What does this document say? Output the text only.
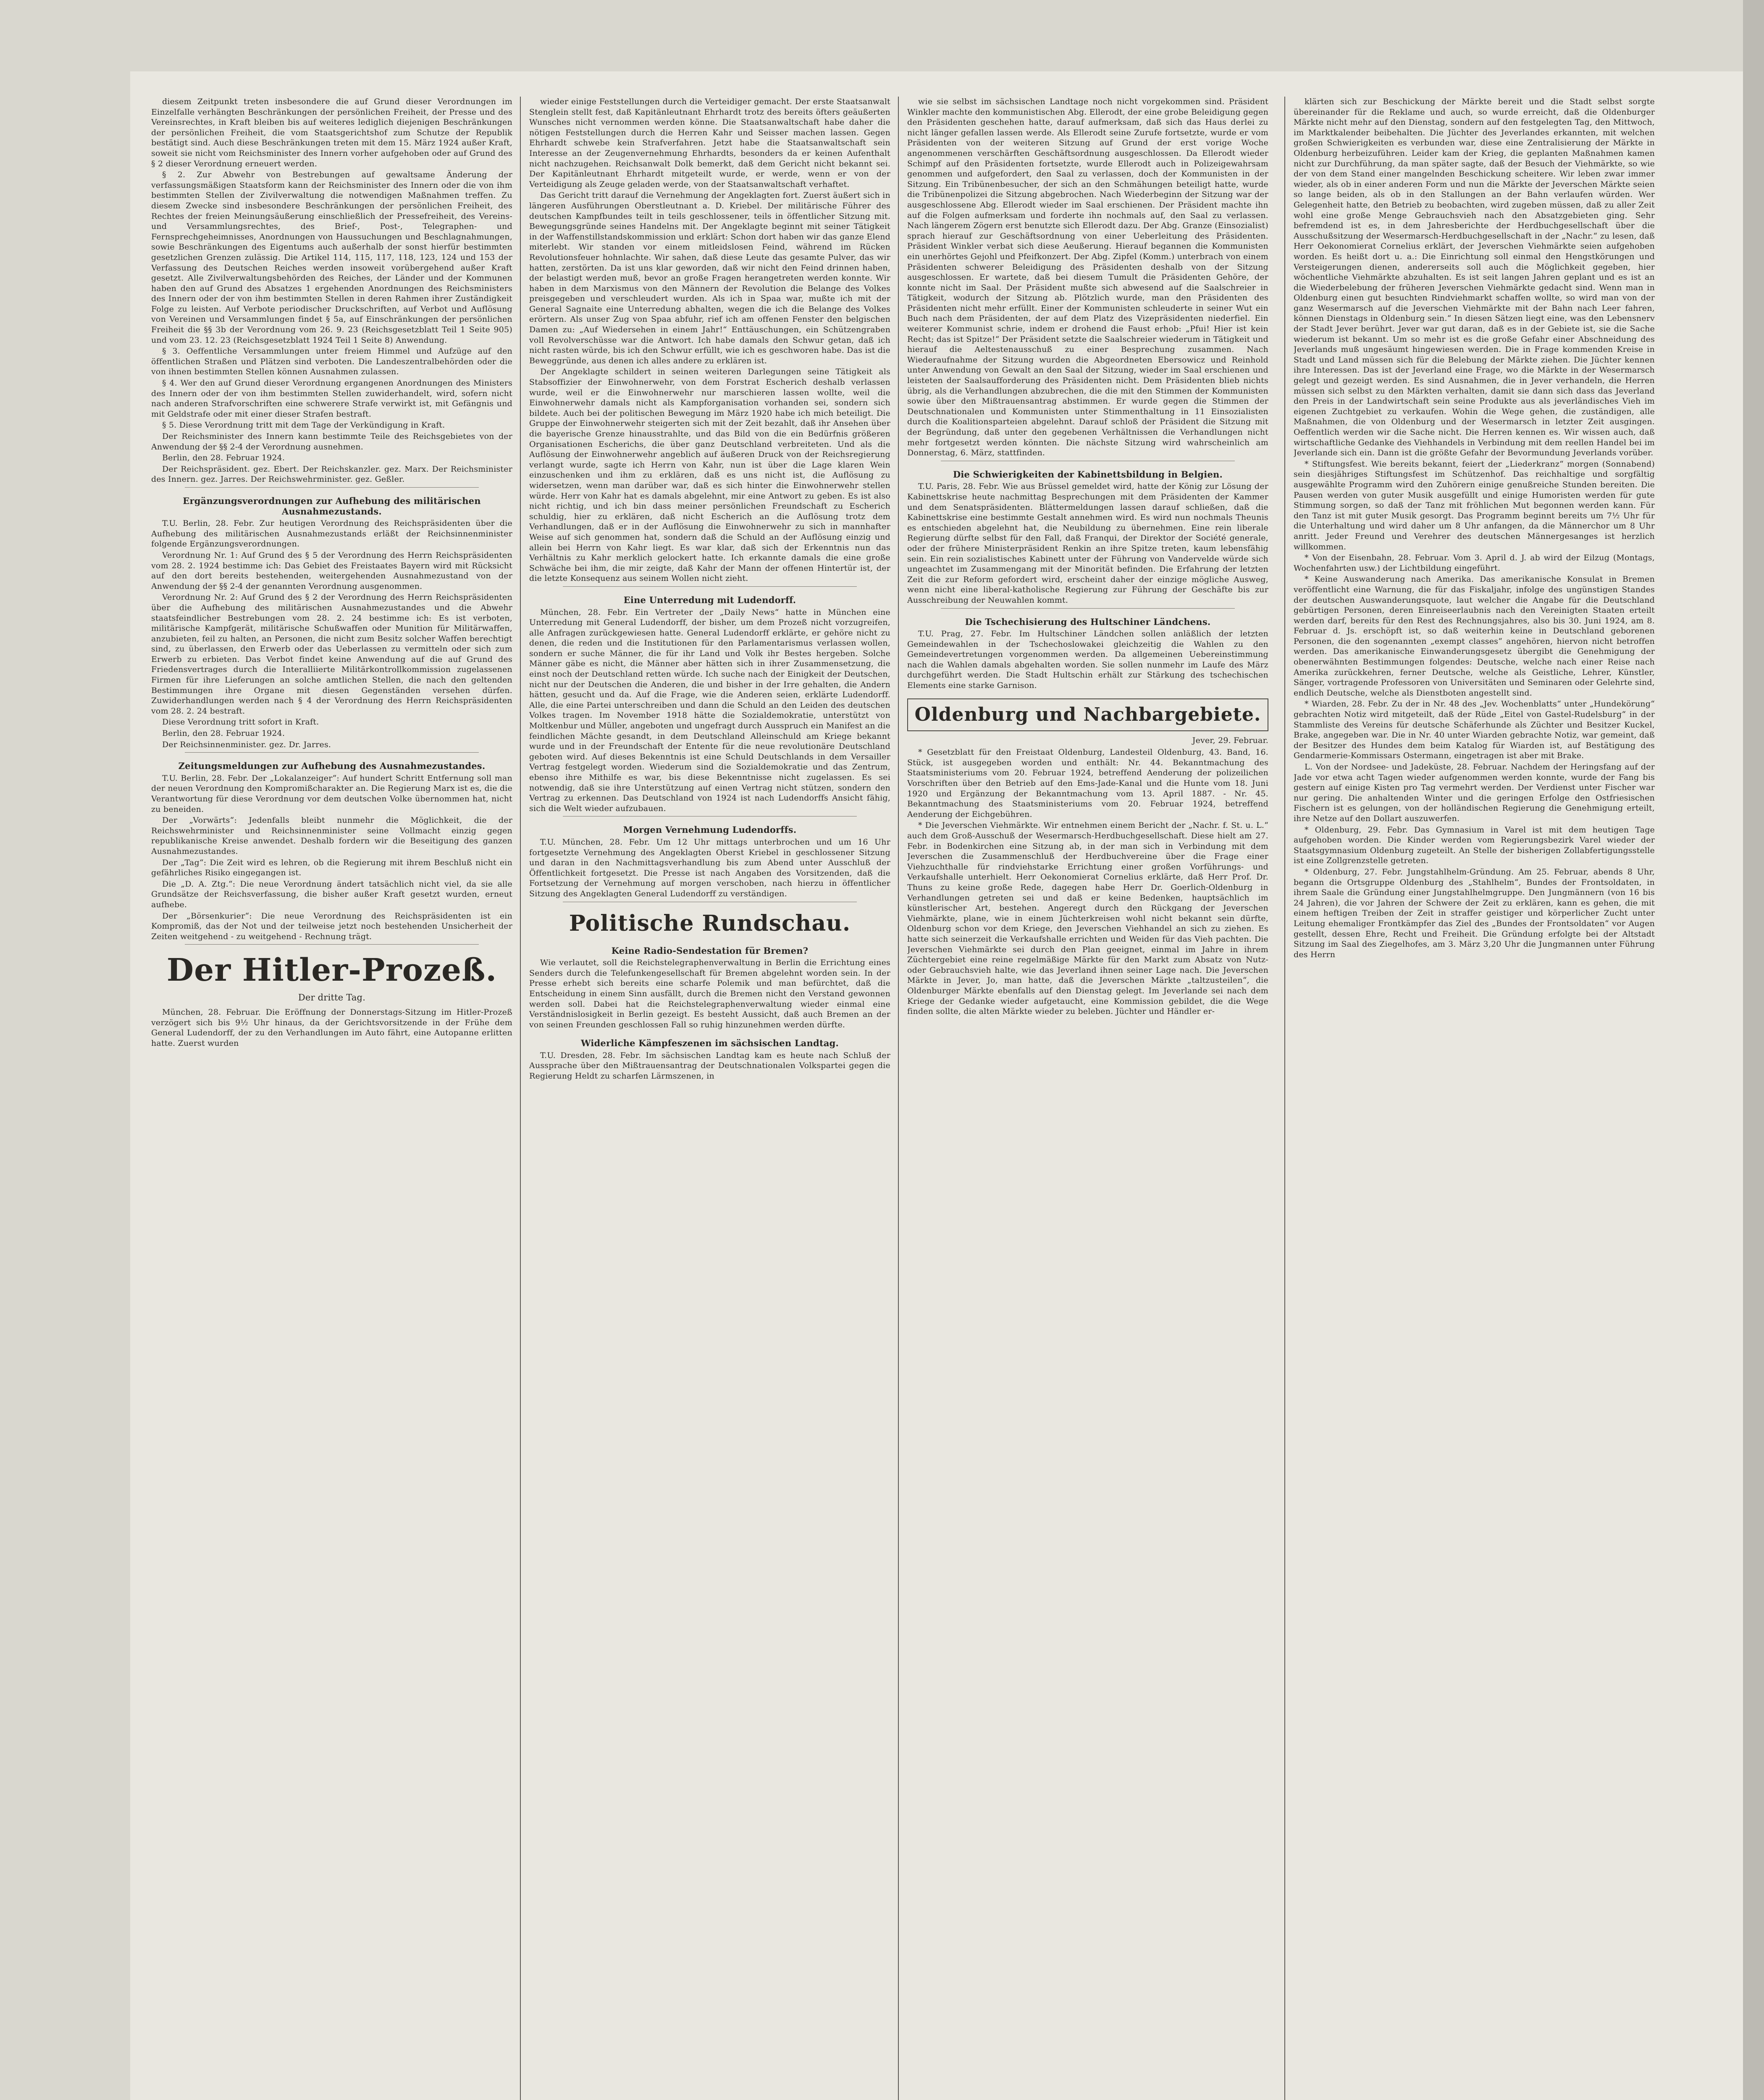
diesem Zeitpunkt treten insbesondere die auf Grund dieser Verordnungen im Einzelfalle verhängten Beschränkungen der persönlichen Freiheit, der Presse und des Vereinsrechtes, in Kraft bleiben bis auf weiteres lediglich diejenigen Beschränkungen der persönlichen Freiheit, die vom Staatsgerichtshof zum Schutze der Republik bestätigt sind. Auch diese Beschränkungen treten mit dem 15. März 1924 außer Kraft, soweit sie nicht vom Reichsminister des Innern vorher aufgehoben oder auf Grund des § 2 dieser Verordnung erneuert werden.

§ 2. Zur Abwehr von Bestrebungen auf gewaltsame Änderung der verfassungsmäßigen Staatsform kann der Reichsminister des Innern oder die von ihm bestimmten Stellen der Zivilverwaltung die notwendigen Maßnahmen treffen. Zu diesem Zwecke sind insbesondere Beschränkungen der persönlichen Freiheit, des Rechtes der freien Meinungsäußerung einschließlich der Pressefreiheit, des Vereins- und Versammlungsrechtes, des Brief-, Post-, Telegraphen- und Fernsprechgeheimnisses, Anordnungen von Haussuchungen und Beschlagnahmungen, sowie Beschränkungen des Eigentums auch außerhalb der sonst hierfür bestimmten gesetzlichen Grenzen zulässig. Die Artikel 114, 115, 117, 118, 123, 124 und 153 der Verfassung des Deutschen Reiches werden insoweit vorübergehend außer Kraft gesetzt. Alle Zivilverwaltungsbehörden des Reiches, der Länder und der Kommunen haben den auf Grund des Absatzes 1 ergehenden Anordnungen des Reichsministers des Innern oder der von ihm bestimmten Stellen in deren Rahmen ihrer Zuständigkeit Folge zu leisten. Auf Verbote periodischer Druckschriften, auf Verbot und Auflösung von Vereinen und Versammlungen findet § 5a, auf Einschränkungen der persönlichen Freiheit die §§ 3b der Verordnung vom 26. 9. 23 (Reichsgesetzblatt Teil 1 Seite 905) und vom 23. 12. 23 (Reichsgesetzblatt 1924 Teil 1 Seite 8) Anwendung.

§ 3. Oeffentliche Versammlungen unter freiem Himmel und Aufzüge auf den öffentlichen Straßen und Plätzen sind verboten. Die Landeszentralbehörden oder die von ihnen bestimmten Stellen können Ausnahmen zulassen.

§ 4. Wer den auf Grund dieser Verordnung ergangenen Anordnungen des Ministers des Innern oder der von ihm bestimmten Stellen zuwiderhandelt, wird, sofern nicht nach anderen Strafvorschriften eine schwerere Strafe verwirkt ist, mit Gefängnis und mit Geldstrafe oder mit einer dieser Strafen bestraft.

§ 5. Diese Verordnung tritt mit dem Tage der Verkündigung in Kraft.

Der Reichsminister des Innern kann bestimmte Teile des Reichsgebietes von der Anwendung der §§ 2-4 der Verordnung ausnehmen.

Berlin, den 28. Februar 1924.

Der Reichspräsident. gez. Ebert. Der Reichskanzler. gez. Marx. Der Reichsminister des Innern. gez. Jarres. Der Reichswehrminister. gez. Geßler.

Ergänzungsverordnungen zur Aufhebung des militärischen Ausnahmezustands.

T.U. Berlin, 28. Febr. Zur heutigen Verordnung des Reichspräsidenten über die Aufhebung des militärischen Ausnahmezustands erläßt der Reichsinnenminister folgende Ergänzungsverordnungen.

Verordnung Nr. 1: Auf Grund des § 5 der Verordnung des Herrn Reichspräsidenten vom 28. 2. 1924 bestimme ich: Das Gebiet des Freistaates Bayern wird mit Rücksicht auf den dort bereits bestehenden, weitergehenden Ausnahmezustand von der Anwendung der §§ 2-4 der genannten Verordnung ausgenommen.

Verordnung Nr. 2: Auf Grund des § 2 der Verordnung des Herrn Reichspräsidenten über die Aufhebung des militärischen Ausnahmezustandes und die Abwehr staatsfeindlicher Bestrebungen vom 28. 2. 24 bestimme ich: Es ist verboten, militärische Kampfgerät, militärische Schußwaffen oder Munition für Militärwaffen, anzubieten, feil zu halten, an Personen, die nicht zum Besitz solcher Waffen berechtigt sind, zu überlassen, den Erwerb oder das Ueberlassen zu vermitteln oder sich zum Erwerb zu erbieten. Das Verbot findet keine Anwendung auf die auf Grund des Friedensvertrages durch die Interalliierte Militärkontrollkommission zugelassenen Firmen für ihre Lieferungen an solche amtlichen Stellen, die nach den geltenden Bestimmungen ihre Organe mit diesen Gegenständen versehen dürfen. Zuwiderhandlungen werden nach § 4 der Verordnung des Herrn Reichspräsidenten vom 28. 2. 24 bestraft.

Diese Verordnung tritt sofort in Kraft.

Berlin, den 28. Februar 1924.

Der Reichsinnenminister. gez. Dr. Jarres.

Zeitungsmeldungen zur Aufhebung des Ausnahmezustandes.

T.U. Berlin, 28. Febr. Der „Lokalanzeiger“: Auf hundert Schritt Entfernung soll man der neuen Verordnung den Kompromißcharakter an. Die Regierung Marx ist es, die die Verantwortung für diese Verordnung vor dem deutschen Volke übernommen hat, nicht zu beneiden.

Der „Vorwärts“: Jedenfalls bleibt nunmehr die Möglichkeit, die der Reichswehrminister und Reichsinnenminister seine Vollmacht einzig gegen republikanische Kreise anwendet. Deshalb fordern wir die Beseitigung des ganzen Ausnahmezustandes.

Der „Tag“: Die Zeit wird es lehren, ob die Regierung mit ihrem Beschluß nicht ein gefährliches Risiko eingegangen ist.

Die „D. A. Ztg.“: Die neue Verordnung ändert tatsächlich nicht viel, da sie alle Grundsätze der Reichsverfassung, die bisher außer Kraft gesetzt wurden, erneut aufhebe.

Der „Börsenkurier“: Die neue Verordnung des Reichspräsidenten ist ein Kompromiß, das der Not und der teilweise jetzt noch bestehenden Unsicherheit der Zeiten weitgehend - zu weitgehend - Rechnung trägt.

Der Hitler-Prozeß.
Der dritte Tag.

München, 28. Februar. Die Eröffnung der Donnerstags-Sitzung im Hitler-Prozeß verzögert sich bis 9½ Uhr hinaus, da der Gerichtsvorsitzende in der Frühe dem General Ludendorff, der zu den Verhandlungen im Auto fährt, eine Autopanne erlitten hatte. Zuerst wurden

wieder einige Feststellungen durch die Verteidiger gemacht. Der erste Staatsanwalt Stenglein stellt fest, daß Kapitänleutnant Ehrhardt trotz des bereits öfters geäußerten Wunsches nicht vernommen werden könne. Die Staatsanwaltschaft habe daher die nötigen Feststellungen durch die Herren Kahr und Seisser machen lassen. Gegen Ehrhardt schwebe kein Strafverfahren. Jetzt habe die Staatsanwaltschaft sein Interesse an der Zeugenvernehmung Ehrhardts, besonders da er keinen Aufenthalt nicht nachzugehen. Reichsanwalt Dolk bemerkt, daß dem Gericht nicht bekannt sei. Der Kapitänleutnant Ehrhardt mitgeteilt wurde, er werde, wenn er von der Verteidigung als Zeuge geladen werde, von der Staatsanwaltschaft verhaftet.

Das Gericht tritt darauf die Vernehmung der Angeklagten fort. Zuerst äußert sich in längeren Ausführungen Oberstleutnant a. D. Kriebel. Der militärische Führer des deutschen Kampfbundes teilt in teils geschlossener, teils in öffentlicher Sitzung mit. Bewegungsgründe seines Handelns mit. Der Angeklagte beginnt mit seiner Tätigkeit in der Waffenstillstandskommission und erklärt: Schon dort haben wir das ganze Elend miterlebt. Wir standen vor einem mitleidslosen Feind, während im Rücken Revolutionsfeuer hohnlachte. Wir sahen, daß diese Leute das gesamte Pulver, das wir hatten, zerstörten. Da ist uns klar geworden, daß wir nicht den Feind drinnen haben, der belastigt werden muß, bevor an große Fragen herangetreten werden konnte. Wir haben in dem Marxismus von den Männern der Revolution die Belange des Volkes preisgegeben und verschleudert wurden. Als ich in Spaa war, mußte ich mit der General Sagnaite eine Unterredung abhalten, wegen die ich die Belange des Volkes erörtern. Als unser Zug von Spaa abfuhr, rief ich am offenen Fenster den belgischen Damen zu: „Auf Wiedersehen in einem Jahr!“ Enttäuschungen, ein Schützengraben voll Revolverschüsse war die Antwort. Ich habe damals den Schwur getan, daß ich nicht rasten würde, bis ich den Schwur erfüllt, wie ich es geschworen habe. Das ist die Beweggründe, aus denen ich alles andere zu erklären ist.

Der Angeklagte schildert in seinen weiteren Darlegungen seine Tätigkeit als Stabsoffizier der Einwohnerwehr, von dem Forstrat Escherich deshalb verlassen wurde, weil er die Einwohnerwehr nur marschieren lassen wollte, weil die Einwohnerwehr damals nicht als Kampforganisation vorhanden sei, sondern sich bildete. Auch bei der politischen Bewegung im März 1920 habe ich mich beteiligt. Die Gruppe der Einwohnerwehr steigerten sich mit der Zeit bezahlt, daß ihr Ansehen über die bayerische Grenze hinausstrahlte, und das Bild von die ein Bedürfnis größeren Organisationen Escherichs, die über ganz Deutschland verbreiteten. Und als die Auflösung der Einwohnerwehr angeblich auf äußeren Druck von der Reichsregierung verlangt wurde, sagte ich Herrn von Kahr, nun ist über die Lage klaren Wein einzuschenken und ihm zu erklären, daß es uns nicht ist, die Auflösung zu widersetzen, wenn man darüber war, daß es sich hinter die Einwohnerwehr stellen würde. Herr von Kahr hat es damals abgelehnt, mir eine Antwort zu geben. Es ist also nicht richtig, und ich bin dass meiner persönlichen Freundschaft zu Escherich schuldig, hier zu erklären, daß nicht Escherich an die Auflösung trotz dem Verhandlungen, daß er in der Auflösung die Einwohnerwehr zu sich in mannhafter Weise auf sich genommen hat, sondern daß die Schuld an der Auflösung einzig und allein bei Herrn von Kahr liegt. Es war klar, daß sich der Erkenntnis nun das Verhältnis zu Kahr merklich gelockert hatte. Ich erkannte damals die eine große Schwäche bei ihm, die mir zeigte, daß Kahr der Mann der offenen Hintertür ist, der die letzte Konsequenz aus seinem Wollen nicht zieht.

Eine Unterredung mit Ludendorff.

München, 28. Febr. Ein Vertreter der „Daily News“ hatte in München eine Unterredung mit General Ludendorff, der bisher, um dem Prozeß nicht vorzugreifen, alle Anfragen zurückgewiesen hatte. General Ludendorff erklärte, er gehöre nicht zu denen, die reden und die Institutionen für den Parlamentarismus verlassen wollen, sondern er suche Männer, die für ihr Land und Volk ihr Bestes hergeben. Solche Männer gäbe es nicht, die Männer aber hätten sich in ihrer Zusammensetzung, die einst noch der Deutschland retten würde. Ich suche nach der Einigkeit der Deutschen, nicht nur der Deutschen die Anderen, die und bisher in der Irre gehalten, die Andern hätten, gesucht und da. Auf die Frage, wie die Anderen seien, erklärte Ludendorff. Alle, die eine Partei unterschreiben und dann die Schuld an den Leiden des deutschen Volkes tragen. Im November 1918 hätte die Sozialdemokratie, unterstützt von Moltkenbur und Müller, angeboten und ungefragt durch Ausspruch ein Manifest an die feindlichen Mächte gesandt, in dem Deutschland Alleinschuld am Kriege bekannt wurde und in der Freundschaft der Entente für die neue revolutionäre Deutschland geboten wird. Auf dieses Bekenntnis ist eine Schuld Deutschlands in dem Versailler Vertrag festgelegt worden. Wiederum sind die Sozialdemokratie und das Zentrum, ebenso ihre Mithilfe es war, bis diese Bekenntnisse nicht zugelassen. Es sei notwendig, daß sie ihre Unterstützung auf einen Vertrag nicht stützen, sondern den Vertrag zu erkennen. Das Deutschland von 1924 ist nach Ludendorffs Ansicht fähig, sich die Welt wieder aufzubauen.

Morgen Vernehmung Ludendorffs.

T.U. München, 28. Febr. Um 12 Uhr mittags unterbrochen und um 16 Uhr fortgesetzte Vernehmung des Angeklagten Oberst Kriebel in geschlossener Sitzung und daran in den Nachmittagsverhandlung bis zum Abend unter Ausschluß der Öffentlichkeit fortgesetzt. Die Presse ist nach Angaben des Vorsitzenden, daß die Fortsetzung der Vernehmung auf morgen verschoben, nach hierzu in öffentlicher Sitzung des Angeklagten General Ludendorff zu verständigen.

Politische Rundschau.
Keine Radio-Sendestation für Bremen?

Wie verlautet, soll die Reichstelegraphenverwaltung in Berlin die Errichtung eines Senders durch die Telefunkengesellschaft für Bremen abgelehnt worden sein. In der Presse erhebt sich bereits eine scharfe Polemik und man befürchtet, daß die Entscheidung in einem Sinn ausfällt, durch die Bremen nicht den Verstand gewonnen werden soll. Dabei hat die Reichstelegraphenverwaltung wieder einmal eine Verständnislosigkeit in Berlin gezeigt. Es besteht Aussicht, daß auch Bremen an der von seinen Freunden geschlossen Fall so ruhig hinzunehmen werden dürfte.

Widerliche Kämpfeszenen im sächsischen Landtag.

T.U. Dresden, 28. Febr. Im sächsischen Landtag kam es heute nach Schluß der Aussprache über den Mißtrauensantrag der Deutschnationalen Volkspartei gegen die Regierung Heldt zu scharfen Lärmszenen, in

wie sie selbst im sächsischen Landtage noch nicht vorgekommen sind. Präsident Winkler machte den kommunistischen Abg. Ellerodt, der eine grobe Beleidigung gegen den Präsidenten geschehen hatte, darauf aufmerksam, daß sich das Haus derlei zu nicht länger gefallen lassen werde. Als Ellerodt seine Zurufe fortsetzte, wurde er vom Präsidenten von der weiteren Sitzung auf Grund der erst vorige Woche angenommenen verschärften Geschäftsordnung ausgeschlossen. Da Ellerodt wieder Schimpf auf den Präsidenten fortsetzte, wurde Ellerodt auch in Polizeigewahrsam genommen und aufgefordert, den Saal zu verlassen, doch der Kommunisten in der Sitzung. Ein Tribünenbesucher, der sich an den Schmähungen beteiligt hatte, wurde die Tribünenpolizei die Sitzung abgebrochen. Nach Wiederbeginn der Sitzung war der ausgeschlossene Abg. Ellerodt wieder im Saal erschienen. Der Präsident machte ihn auf die Folgen aufmerksam und forderte ihn nochmals auf, den Saal zu verlassen. Nach längerem Zögern erst benutzte sich Ellerodt dazu. Der Abg. Granze (Einsozialist) sprach hierauf zur Geschäftsordnung von einer Ueberleitung des Präsidenten. Präsident Winkler verbat sich diese Aeußerung. Hierauf begannen die Kommunisten ein unerhörtes Gejohl und Pfeifkonzert. Der Abg. Zipfel (Komm.) unterbrach von einem Präsidenten schwerer Beleidigung des Präsidenten deshalb von der Sitzung ausgeschlossen. Er wartete, daß bei diesem Tumult die Präsidenten Gehöre, der konnte nicht im Saal. Der Präsident mußte sich abwesend auf die Saalschreier in Tätigkeit, wodurch der Sitzung ab. Plötzlich wurde, man den Präsidenten des Präsidenten nicht mehr erfüllt. Einer der Kommunisten schleuderte in seiner Wut ein Buch nach dem Präsidenten, der auf dem Platz des Vizepräsidenten niederfiel. Ein weiterer Kommunist schrie, indem er drohend die Faust erhob: „Pfui! Hier ist kein Recht; das ist Spitze!“ Der Präsident setzte die Saalschreier wiederum in Tätigkeit und hierauf die Aeltestenausschuß zu einer Besprechung zusammen. Nach Wiederaufnahme der Sitzung wurden die Abgeordneten Ebersowicz und Reinhold unter Anwendung von Gewalt an den Saal der Sitzung, wieder im Saal erschienen und leisteten der Saalsaufforderung des Präsidenten nicht. Dem Präsidenten blieb nichts übrig, als die Verhandlungen abzubrechen, die die mit den Stimmen der Kommunisten sowie über den Mißtrauensantrag abstimmen. Er wurde gegen die Stimmen der Deutschnationalen und Kommunisten unter Stimmenthaltung in 11 Einsozialisten durch die Koalitionsparteien abgelehnt. Darauf schloß der Präsident die Sitzung mit der Begründung, daß unter den gegebenen Verhältnissen die Verhandlungen nicht mehr fortgesetzt werden könnten. Die nächste Sitzung wird wahrscheinlich am Donnerstag, 6. März, stattfinden.

Die Schwierigkeiten der Kabinettsbildung in Belgien.

T.U. Paris, 28. Febr. Wie aus Brüssel gemeldet wird, hatte der König zur Lösung der Kabinettskrise heute nachmittag Besprechungen mit dem Präsidenten der Kammer und dem Senatspräsidenten. Blättermeldungen lassen darauf schließen, daß die Kabinettskrise eine bestimmte Gestalt annehmen wird. Es wird nun nochmals Theunis es entschieden abgelehnt hat, die Neubildung zu übernehmen. Eine rein liberale Regierung dürfte selbst für den Fall, daß Franqui, der Direktor der Société generale, oder der frühere Ministerpräsident Renkin an ihre Spitze treten, kaum lebensfähig sein. Ein rein sozialistisches Kabinett unter der Führung von Vandervelde würde sich ungeachtet im Zusammengang mit der Minorität befinden. Die Erfahrung der letzten Zeit die zur Reform gefordert wird, erscheint daher der einzige mögliche Ausweg, wenn nicht eine liberal-katholische Regierung zur Führung der Geschäfte bis zur Ausschreibung der Neuwahlen kommt.

Die Tschechisierung des Hultschiner Ländchens.

T.U. Prag, 27. Febr. Im Hultschiner Ländchen sollen anläßlich der letzten Gemeindewahlen in der Tschechoslowakei gleichzeitig die Wahlen zu den Gemeindevertretungen vorgenommen werden. Da allgemeinen Uebereinstimmung nach die Wahlen damals abgehalten worden. Sie sollen nunmehr im Laufe des März durchgeführt werden. Die Stadt Hultschin erhält zur Stärkung des tschechischen Elements eine starke Garnison.

Oldenburg und Nachbargebiete.
Jever, 29. Februar.

* Gesetzblatt für den Freistaat Oldenburg, Landesteil Oldenburg, 43. Band, 16. Stück, ist ausgegeben worden und enthält: Nr. 44. Bekanntmachung des Staatsministeriums vom 20. Februar 1924, betreffend Aenderung der polizeilichen Vorschriften über den Betrieb auf den Ems-Jade-Kanal und die Hunte vom 18. Juni 1920 und Ergänzung der Bekanntmachung vom 13. April 1887. - Nr. 45. Bekanntmachung des Staatsministeriums vom 20. Februar 1924, betreffend Aenderung der Eichgebühren.

* Die Jeverschen Viehmärkte. Wir entnehmen einem Bericht der „Nachr. f. St. u. L.“ auch dem Groß-Ausschuß der Wesermarsch-Herdbuchgesellschaft. Diese hielt am 27. Febr. in Bodenkirchen eine Sitzung ab, in der man sich in Verbindung mit dem Jeverschen die Zusammenschluß der Herdbuchvereine über die Frage einer Viehzuchthalle für rindviehstarke Errichtung einer großen Vorführungs- und Verkaufshalle unterhielt. Herr Oekonomierat Cornelius erklärte, daß Herr Prof. Dr. Thuns zu keine große Rede, dagegen habe Herr Dr. Goerlich-Oldenburg in Verhandlungen getreten sei und daß er keine Bedenken, hauptsächlich im künstlerischer Art, bestehen. Angeregt durch den Rückgang der Jeverschen Viehmärkte, plane, wie in einem Jüchterkreisen wohl nicht bekannt sein dürfte, Oldenburg schon vor dem Kriege, den Jeverschen Viehhandel an sich zu ziehen. Es hatte sich seinerzeit die Verkaufshalle errichten und Weiden für das Vieh pachten. Die Jeverschen Viehmärkte sei durch den Plan geeignet, einmal im Jahre in ihrem Züchtergebiet eine reine regelmäßige Märkte für den Markt zum Absatz von Nutz- oder Gebrauchsvieh halte, wie das Jeverland ihnen seiner Lage nach. Die Jeverschen Märkte in Jever, Jo, man hatte, daß die Jeverschen Märkte „taltzusteilen“, die Oldenburger Märkte ebenfalls auf den Dienstag gelegt. Im Jeverlande sei nach dem Kriege der Gedanke wieder aufgetaucht, eine Kommission gebildet, die die Wege finden sollte, die alten Märkte wieder zu beleben. Jüchter und Händler er-

klärten sich zur Beschickung der Märkte bereit und die Stadt selbst sorgte übereinander für die Reklame und auch, so wurde erreicht, daß die Oldenburger Märkte nicht mehr auf den Dienstag, sondern auf den festgelegten Tag, den Mittwoch, im Marktkalender beibehalten. Die Jüchter des Jeverlandes erkannten, mit welchen großen Schwierigkeiten es verbunden war, diese eine Zentralisierung der Märkte in Oldenburg herbeizuführen. Leider kam der Krieg, die geplanten Maßnahmen kamen nicht zur Durchführung, da man später sagte, daß der Besuch der Viehmärkte, so wie der von dem Stand einer mangelnden Beschickung scheitere. Wir leben zwar immer wieder, als ob in einer anderen Form und nun die Märkte der Jeverschen Märkte seien so lange beiden, als ob in den Stallungen an der Bahn verlaufen würden. Wer Gelegenheit hatte, den Betrieb zu beobachten, wird zugeben müssen, daß zu aller Zeit wohl eine große Menge Gebrauchsvieh nach den Absatzgebieten ging. Sehr befremdend ist es, in dem Jahresberichte der Herdbuchgesellschaft über die Ausschußsitzung der Wesermarsch-Herdbuchgesellschaft in der „Nachr.“ zu lesen, daß Herr Oekonomierat Cornelius erklärt, der Jeverschen Viehmärkte seien aufgehoben worden. Es heißt dort u. a.: Die Einrichtung soll einmal den Hengstkörungen und Versteigerungen dienen, andererseits soll auch die Möglichkeit gegeben, hier wöchentliche Viehmärkte abzuhalten. Es ist seit langen Jahren geplant und es ist an die Wiederbelebung der früheren Jeverschen Viehmärkte gedacht sind. Wenn man in Oldenburg einen gut besuchten Rindviehmarkt schaffen wollte, so wird man von der ganz Wesermarsch auf die Jeverschen Viehmärkte mit der Bahn nach Leer fahren, können Dienstags in Oldenburg sein.“ In diesen Sätzen liegt eine, was den Lebensnerv der Stadt Jever berührt. Jever war gut daran, daß es in der Gebiete ist, sie die Sache wiederum ist bekannt. Um so mehr ist es die große Gefahr einer Abschneidung des Jeverlands muß ungesäumt hingewiesen werden. Die in Frage kommenden Kreise in Stadt und Land müssen sich für die Belebung der Märkte ziehen. Die Jüchter kennen ihre Interessen. Das ist der Jeverland eine Frage, wo die Märkte in der Wesermarsch gelegt und gezeigt werden. Es sind Ausnahmen, die in Jever verhandeln, die Herren müssen sich selbst zu den Märkten verhalten, damit sie dann sich dass das Jeverland den Preis in der Landwirtschaft sein seine Produkte aus als jeverländisches Vieh im eigenen Zuchtgebiet zu verkaufen. Wohin die Wege gehen, die zuständigen, alle Maßnahmen, die von Oldenburg und der Wesermarsch in letzter Zeit ausgingen. Oeffentlich werden wir die Sache nicht. Die Herren kennen es. Wir wissen auch, daß wirtschaftliche Gedanke des Viehhandels in Verbindung mit dem reellen Handel bei im Jeverlande sich ein. Dann ist die größte Gefahr der Bevormundung Jeverlands vorüber.

* Stiftungsfest. Wie bereits bekannt, feiert der „Liederkranz“ morgen (Sonnabend) sein diesjähriges Stiftungsfest im Schützenhof. Das reichhaltige und sorgfältig ausgewählte Programm wird den Zuhörern einige genußreiche Stunden bereiten. Die Pausen werden von guter Musik ausgefüllt und einige Humoristen werden für gute Stimmung sorgen, so daß der Tanz mit fröhlichen Mut begonnen werden kann. Für den Tanz ist mit guter Musik gesorgt. Das Programm beginnt bereits um 7½ Uhr für die Unterhaltung und wird daher um 8 Uhr anfangen, da die Männerchor um 8 Uhr anritt. Jeder Freund und Verehrer des deutschen Männergesanges ist herzlich willkommen.

* Von der Eisenbahn, 28. Februar. Vom 3. April d. J. ab wird der Eilzug (Montags, Wochenfahrten usw.) der Lichtbildung eingeführt.

* Keine Auswanderung nach Amerika. Das amerikanische Konsulat in Bremen veröffentlicht eine Warnung, die für das Fiskaljahr, infolge des ungünstigen Standes der deutschen Auswanderungsquote, laut welcher die Angabe für die Deutschland gebürtigen Personen, deren Einreiseerlaubnis nach den Vereinigten Staaten erteilt werden darf, bereits für den Rest des Rechnungsjahres, also bis 30. Juni 1924, am 8. Februar d. Js. erschöpft ist, so daß weiterhin keine in Deutschland geborenen Personen, die den sogenannten „exempt classes“ angehören, hiervon nicht betroffen werden. Das amerikanische Einwanderungsgesetz übergibt die Genehmigung der obenerwähnten Bestimmungen folgendes: Deutsche, welche nach einer Reise nach Amerika zurückkehren, ferner Deutsche, welche als Geistliche, Lehrer, Künstler, Sänger, vortragende Professoren von Universitäten und Seminaren oder Gelehrte sind, endlich Deutsche, welche als Dienstboten angestellt sind.

* Wiarden, 28. Febr. Zu der in Nr. 48 des „Jev. Wochenblatts“ unter „Hundekörung“ gebrachten Notiz wird mitgeteilt, daß der Rüde „Eitel von Gastel-Rudelsburg“ in der Stammliste des Vereins für deutsche Schäferhunde als Züchter und Besitzer Kuckel, Brake, angegeben war. Die in Nr. 40 unter Wiarden gebrachte Notiz, war gemeint, daß der Besitzer des Hundes dem beim Katalog für Wiarden ist, auf Bestätigung des Gendarmerie-Kommissars Ostermann, eingetragen ist aber mit Brake.

L. Von der Nordsee- und Jadeküste, 28. Februar. Nachdem der Heringsfang auf der Jade vor etwa acht Tagen wieder aufgenommen werden konnte, wurde der Fang bis gestern auf einige Kisten pro Tag vermehrt werden. Der Verdienst unter Fischer war nur gering. Die anhaltenden Winter und die geringen Erfolge den Ostfriesischen Fischern ist es gelungen, von der holländischen Regierung die Genehmigung erteilt, ihre Netze auf den Dollart auszuwerfen.

* Oldenburg, 29. Febr. Das Gymnasium in Varel ist mit dem heutigen Tage aufgehoben worden. Die Kinder werden vom Regierungsbezirk Varel wieder der Staatsgymnasium Oldenburg zugeteilt. An Stelle der bisherigen Zollabfertigungsstelle ist eine Zollgrenzstelle getreten.

* Oldenburg, 27. Febr. Jungstahlhelm-Gründung. Am 25. Februar, abends 8 Uhr, begann die Ortsgruppe Oldenburg des „Stahlhelm“, Bundes der Frontsoldaten, in ihrem Saale die Gründung einer Jungstahlhelmgruppe. Den Jungmännern (von 16 bis 24 Jahren), die vor Jahren der Schwere der Zeit zu erklären, kann es gehen, die mit einem heftigen Treiben der Zeit in straffer geistiger und körperlicher Zucht unter Leitung ehemaliger Frontkämpfer das Ziel des „Bundes der Frontsoldaten“ vor Augen gestellt, dessen Ehre, Recht und Freiheit. Die Gründung erfolgte bei der Altstadt Sitzung im Saal des Ziegelhofes, am 3. März 3,20 Uhr die Jungmannen unter Führung des Herrn
